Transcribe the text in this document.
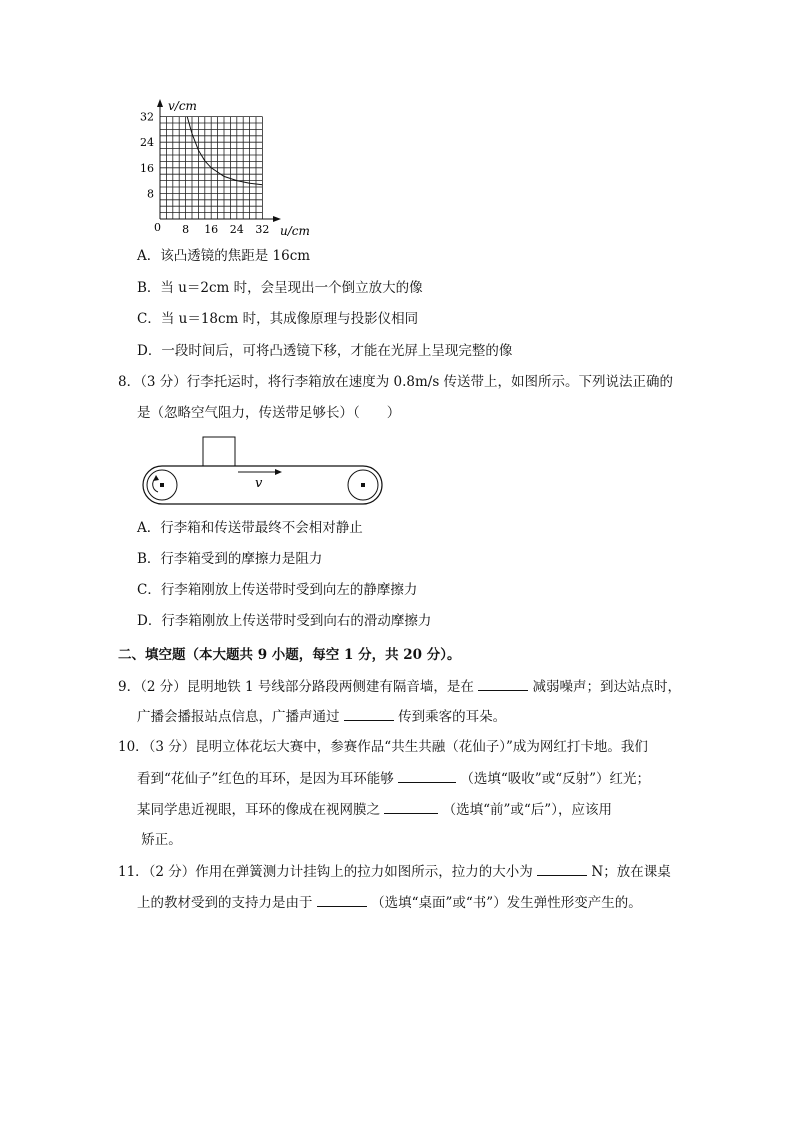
v/cm
u/cm
0
32
24
16
8
8 16 24 32
A．该凸透镜的焦距是 16cm
B．当 u＝2cm 时，会呈现出一个倒立放大的像
C．当 u＝18cm 时，其成像原理与投影仪相同
D．一段时间后，可将凸透镜下移，才能在光屏上呈现完整的像
8．（3 分）行李托运时，将行李箱放在速度为 0.8m/s 传送带上，如图所示。下列说法正确的
是（忽略空气阻力，传送带足够长）（　　）
v
A．行李箱和传送带最终不会相对静止
B．行李箱受到的摩擦力是阻力
C．行李箱刚放上传送带时受到向左的静摩擦力
D．行李箱刚放上传送带时受到向右的滑动摩擦力
二、填空题（本大题共 9 小题，每空 1 分，共 20 分）。
9．（2 分）昆明地铁 1 号线部分路段两侧建有隔音墙，是在	减弱噪声；到达站点时，
广播会播报站点信息，广播声通过	传到乘客的耳朵。
10．（3 分）昆明立体花坛大赛中，参赛作品“共生共融（花仙子）”成为网红打卡地。我们
看到“花仙子”红色的耳环，是因为耳环能够	（选填“吸收”或“反射”）红光；
某同学患近视眼，耳环的像成在视网膜之	（选填“前”或“后”），应该用
矫正。
11．（2 分）作用在弹簧测力计挂钩上的拉力如图所示，拉力的大小为	N；放在课桌
上的教材受到的支持力是由于	（选填“桌面”或“书”）发生弹性形变产生的。
